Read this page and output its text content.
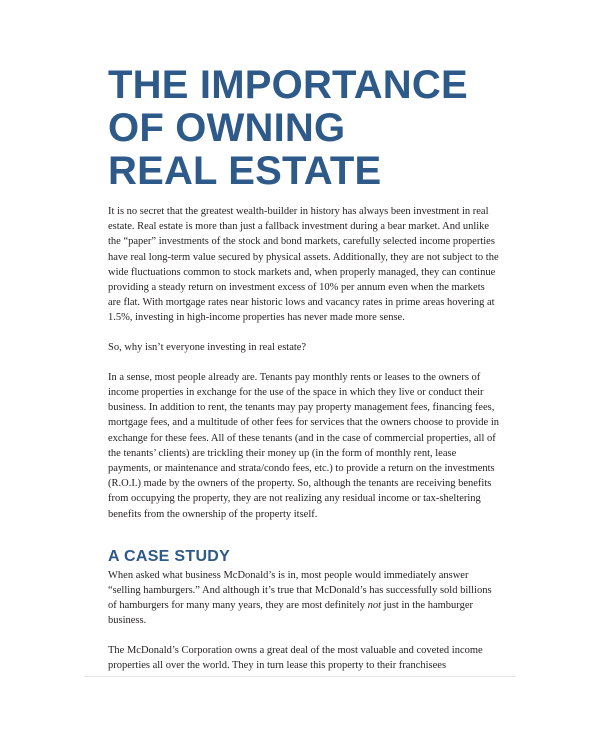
THE IMPORTANCE
OF OWNING
REAL ESTATE

It is no secret that the greatest wealth-builder in history has always been investment in real estate. Real estate is more than just a fallback investment during a bear market. And unlike the “paper” investments of the stock and bond markets, carefully selected income properties have real long-term value secured by physical assets. Additionally, they are not subject to the wide fluctuations common to stock markets and, when properly managed, they can continue providing a steady return on investment excess of 10% per annum even when the markets are flat. With mortgage rates near historic lows and vacancy rates in prime areas hovering at 1.5%, investing in high-income properties has never made more sense.

So, why isn’t everyone investing in real estate?

In a sense, most people already are. Tenants pay monthly rents or leases to the owners of income properties in exchange for the use of the space in which they live or conduct their business. In addition to rent, the tenants may pay property management fees, financing fees, mortgage fees, and a multitude of other fees for services that the owners choose to provide in exchange for these fees. All of these tenants (and in the case of commercial properties, all of the tenants’ clients) are trickling their money up (in the form of monthly rent, lease payments, or maintenance and strata/condo fees, etc.) to provide a return on the investments (R.O.I.) made by the owners of the property. So, although the tenants are receiving benefits from occupying the property, they are not realizing any residual income or tax-sheltering benefits from the ownership of the property itself.

A CASE STUDY

When asked what business McDonald’s is in, most people would immediately answer “selling hamburgers.” And although it’s true that McDonald’s has successfully sold billions of hamburgers for many many years, they are most definitely not just in the hamburger business.

The McDonald’s Corporation owns a great deal of the most valuable and coveted income properties all over the world. They in turn lease this property to their franchisees
